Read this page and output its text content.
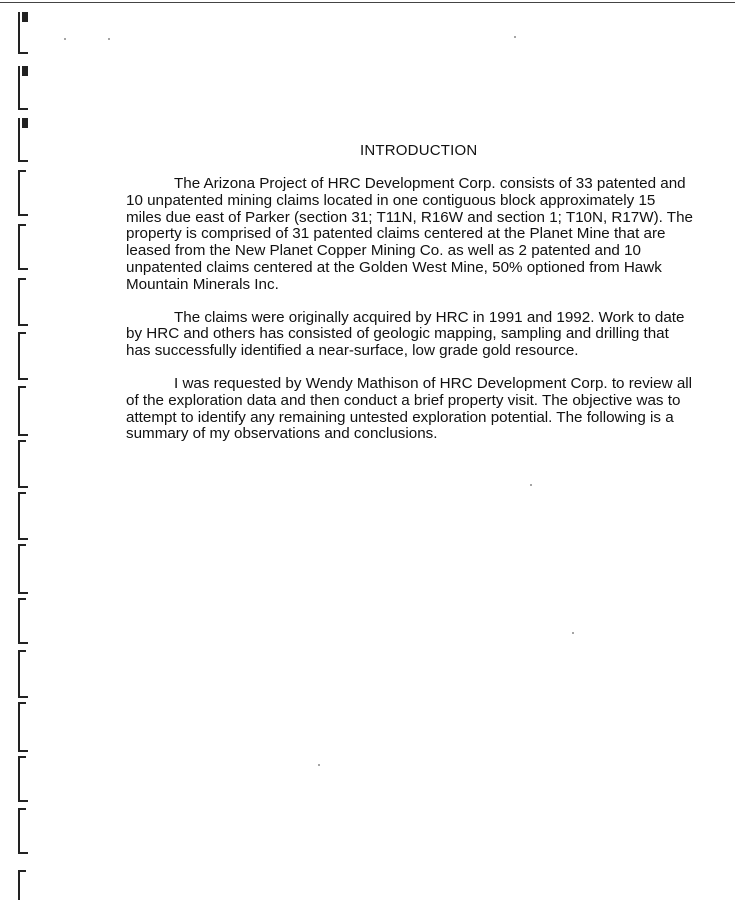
INTRODUCTION

The Arizona Project of HRC Development Corp. consists of 33 patented and 10 unpatented mining claims located in one contiguous block approximately 15 miles due east of Parker (section 31; T11N, R16W and section 1; T10N, R17W). The property is comprised of 31 patented claims centered at the Planet Mine that are leased from the New Planet Copper Mining Co. as well as 2 patented and 10 unpatented claims centered at the Golden West Mine, 50% optioned from Hawk Mountain Minerals Inc.

The claims were originally acquired by HRC in 1991 and 1992. Work to date by HRC and others has consisted of geologic mapping, sampling and drilling that has successfully identified a near-surface, low grade gold resource.

I was requested by Wendy Mathison of HRC Development Corp. to review all of the exploration data and then conduct a brief property visit. The objective was to attempt to identify any remaining untested exploration potential. The following is a summary of my observations and conclusions.
